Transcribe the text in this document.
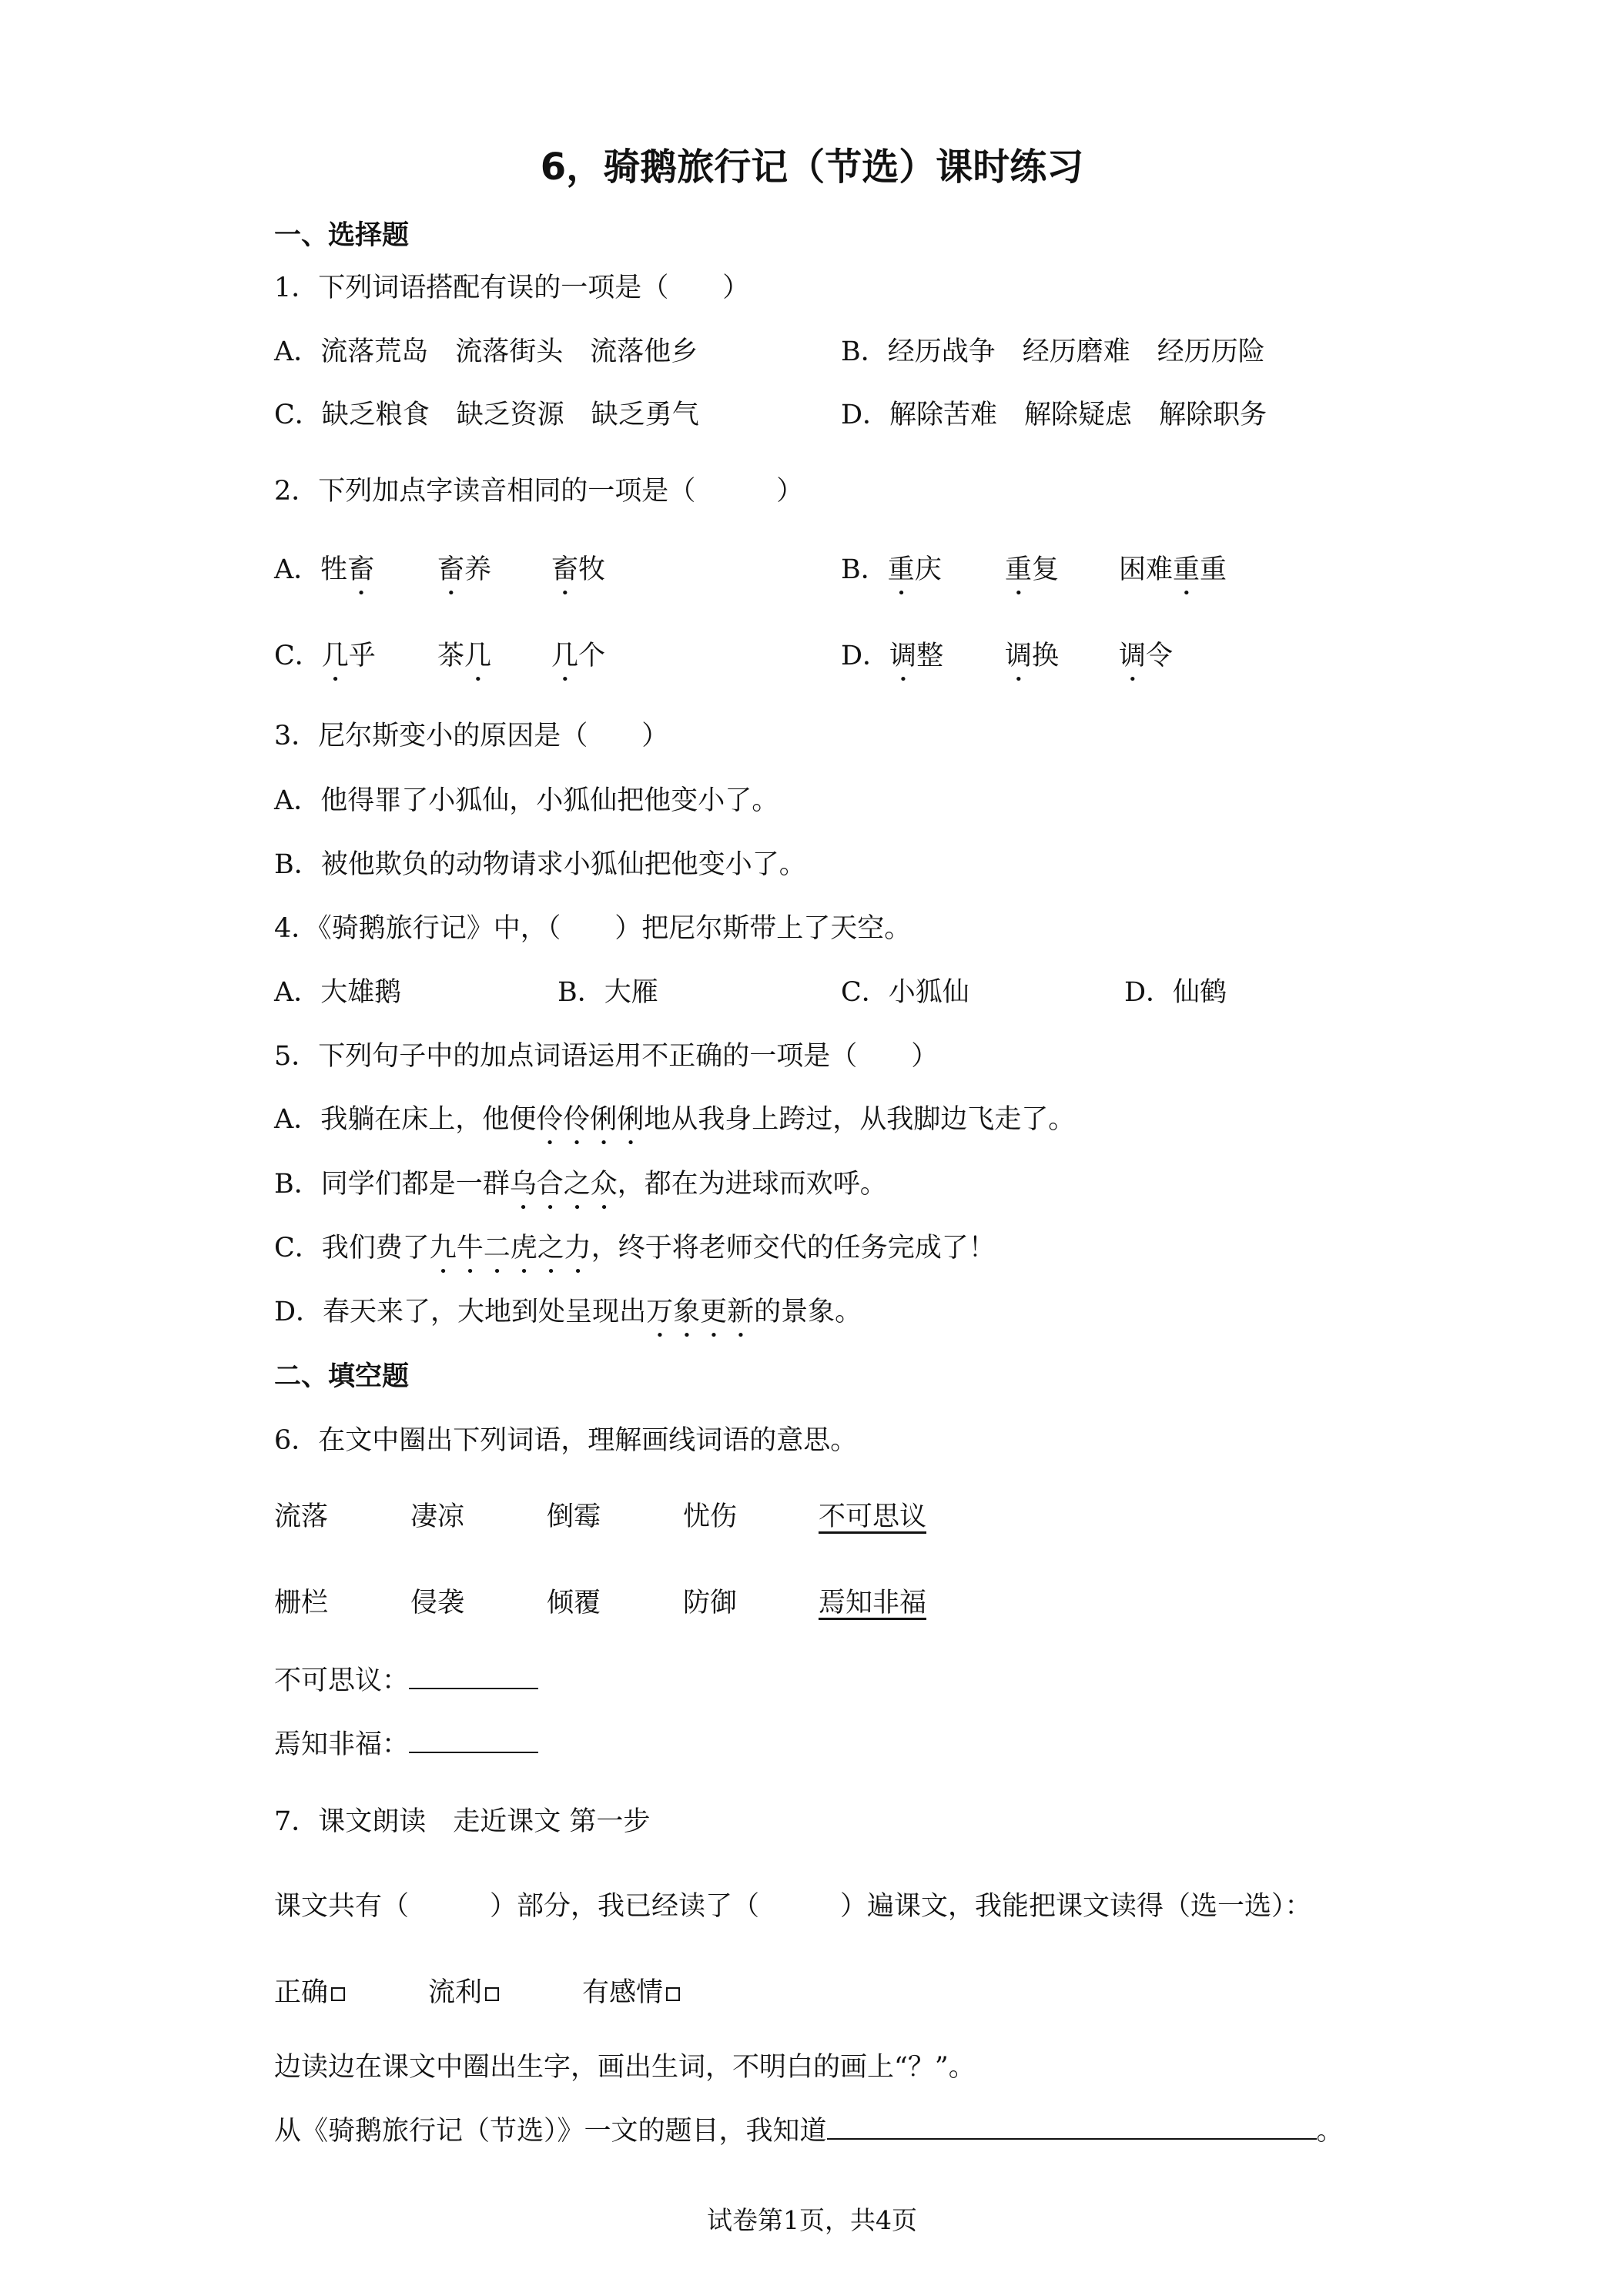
6，骑鹅旅行记（节选）课时练习
一、选择题
1．下列词语搭配有误的一项是（　　）
A．流落荒岛　流落街头　流落他乡	B．经历战争　经历磨难　经历历险
C．缺乏粮食　缺乏资源　缺乏勇气	D．解除苦难　解除疑虑　解除职务
2．下列加点字读音相同的一项是（　　　）
A．牲畜 畜养 畜牧	B．重庆 重复 困难重重
C．几乎 茶几 几个	D．调整 调换 调令
3．尼尔斯变小的原因是（　　）
A．他得罪了小狐仙，小狐仙把他变小了。
B．被他欺负的动物请求小狐仙把他变小了。
4．《骑鹅旅行记》中，（　　）把尼尔斯带上了天空。
A．大雄鹅	B．大雁	C．小狐仙	D．仙鹤
5．下列句子中的加点词语运用不正确的一项是（　　）
A．我躺在床上，他便伶伶俐俐地从我身上跨过，从我脚边飞走了。
B．同学们都是一群乌合之众，都在为进球而欢呼。
C．我们费了九牛二虎之力，终于将老师交代的任务完成了！
D．春天来了，大地到处呈现出万象更新的景象。
二、填空题
6．在文中圈出下列词语，理解画线词语的意思。
流落	凄凉	倒霉	忧伤	不可思议
栅栏	侵袭	倾覆	防御	焉知非福
不可思议：
焉知非福：
7．课文朗读　走近课文 第一步
课文共有（　　　）部分，我已经读了（　　　）遍课文，我能把课文读得（选一选）：
正确	流利	有感情
边读边在课文中圈出生字，画出生词，不明白的画上“？”。
从《骑鹅旅行记（节选）》一文的题目，我知道	。
试卷第1页，共4页
